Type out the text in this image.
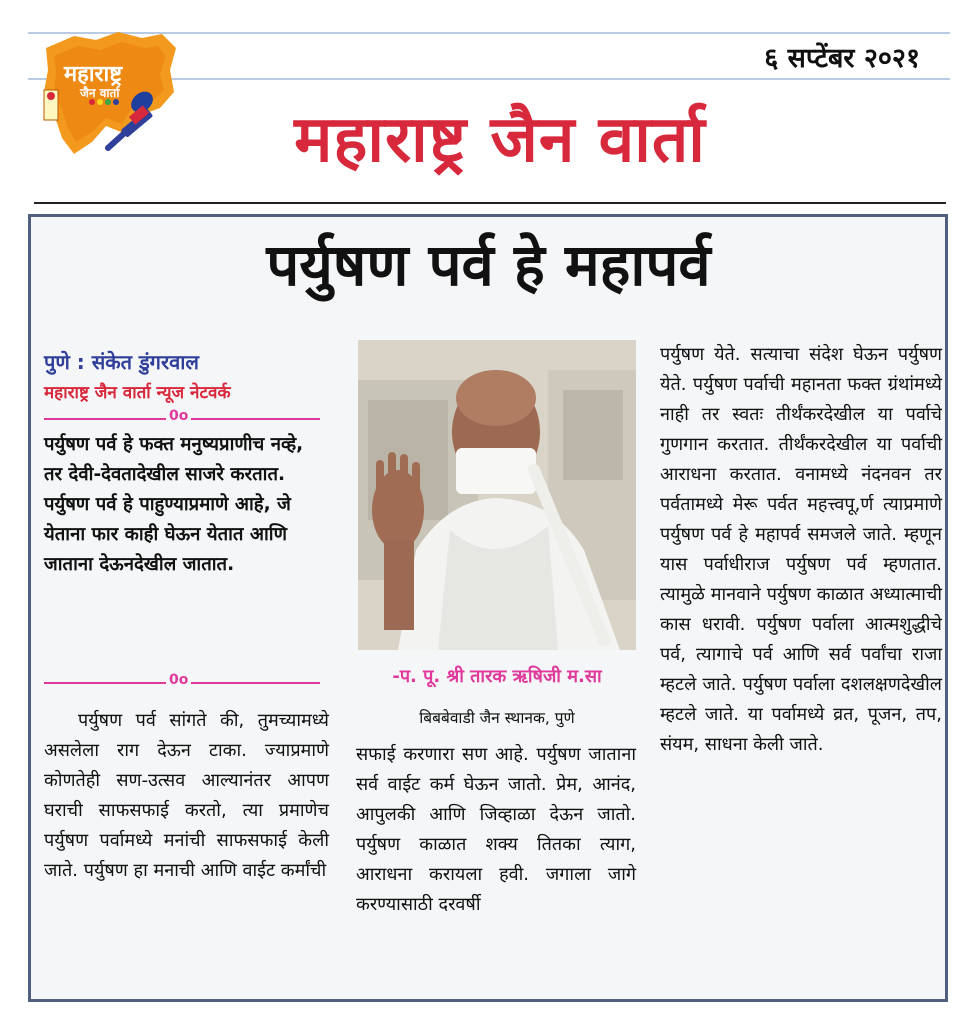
६ सप्टेंबर २०२१
महाराष्ट्र
जैन वार्ता
महाराष्ट्र जैन वार्ता
पर्युषण पर्व हे महापर्व
पुणे : संकेत डुंगरवाल
महाराष्ट्र जैन वार्ता न्यूज नेटवर्क
0o
पर्युषण पर्व हे फक्त मनुष्यप्राणीच नव्हे, तर देवी-देवतादेखील साजरे करतात. पर्युषण पर्व हे पाहुण्याप्रमाणे आहे, जे येताना फार काही घेऊन येतात आणि जाताना देऊनदेखील जातात.
0o

पर्युषण पर्व सांगते की, तुमच्यामध्ये असलेला राग देऊन टाका. ज्याप्रमाणे कोणतेही सण-उत्सव आल्यानंतर आपण घराची साफसफाई करतो, त्या प्रमाणेच पर्युषण पर्वामध्ये मनांची साफसफाई केली जाते. पर्युषण हा मनाची आणि वाईट कर्मांची

-प. पू. श्री तारक ऋषिजी म.सा
बिबबेवाडी जैन स्थानक, पुणे

सफाई करणारा सण आहे. पर्युषण जाताना सर्व वाईट कर्म घेऊन जातो. प्रेम, आनंद, आपुलकी आणि जिव्हाळा देऊन जातो. पर्युषण काळात शक्य तितका त्याग, आराधना करायला हवी. जगाला जागे करण्यासाठी दरवर्षी

पर्युषण येते. सत्याचा संदेश घेऊन पर्युषण येते. पर्युषण पर्वाची महानता फक्त ग्रंथांमध्ये नाही तर स्वतः तीर्थंकरदेखील या पर्वाचे गुणगान करतात. तीर्थंकरदेखील या पर्वाची आराधना करतात. वनामध्ये नंदनवन तर पर्वतामध्ये मेरू पर्वत महत्त्वपू,र्ण त्याप्रमाणे पर्युषण पर्व हे महापर्व समजले जाते. म्हणून यास पर्वाधीराज पर्युषण पर्व म्हणतात. त्यामुळे मानवाने पर्युषण काळात अध्यात्माची कास धरावी. पर्युषण पर्वाला आत्मशुद्धीचे पर्व, त्यागाचे पर्व आणि सर्व पर्वांचा राजा म्हटले जाते. पर्युषण पर्वाला दशलक्षणदेखील म्हटले जाते. या पर्वामध्ये व्रत, पूजन, तप, संयम, साधना केली जाते.
